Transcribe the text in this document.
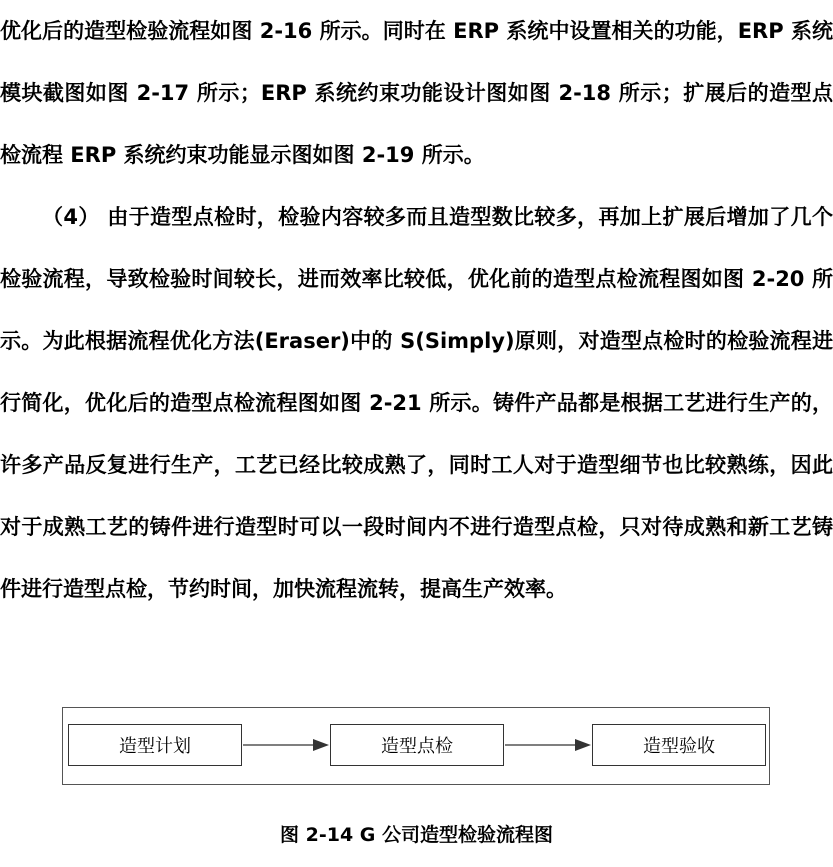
优化后的造型检验流程如图 2-16 所示。同时在 ERP 系统中设置相关的功能，ERP 系统模块截图如图 2-17 所示；ERP 系统约束功能设计图如图 2-18 所示；扩展后的造型点检流程 ERP 系统约束功能显示图如图 2-19 所示。

（4） 由于造型点检时，检验内容较多而且造型数比较多，再加上扩展后增加了几个检验流程，导致检验时间较长，进而效率比较低，优化前的造型点检流程图如图 2-20 所示。为此根据流程优化方法(Eraser)中的 S(Simply)原则，对造型点检时的检验流程进行简化，优化后的造型点检流程图如图 2-21 所示。铸件产品都是根据工艺进行生产的，许多产品反复进行生产，工艺已经比较成熟了，同时工人对于造型细节也比较熟练，因此对于成熟工艺的铸件进行造型时可以一段时间内不进行造型点检，只对待成熟和新工艺铸件进行造型点检，节约时间，加快流程流转，提高生产效率。

造型计划	造型点检	造型验收
图 2-14 G 公司造型检验流程图
